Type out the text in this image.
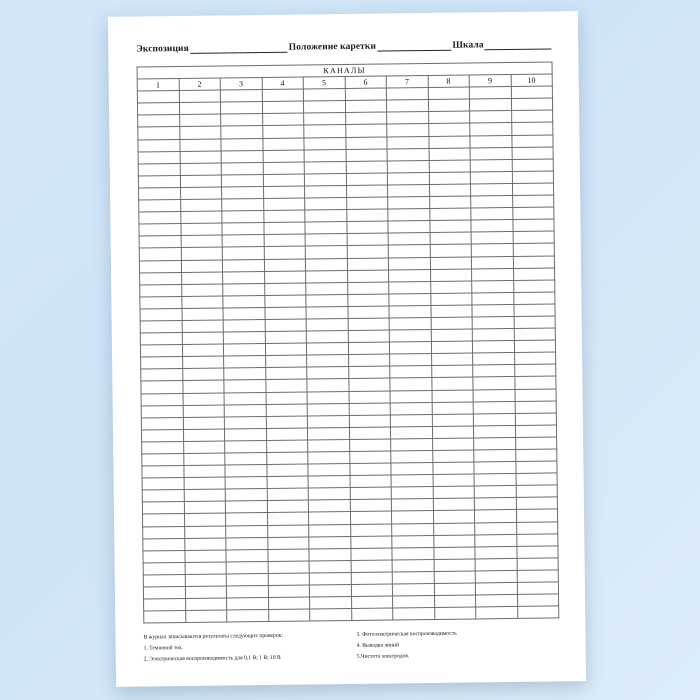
Экспозиция	Положение каретки	Шкала
КАНАЛЫ									
1	2	3	4	5	6	7	8	9	10

В журнал записываются результаты следующих проверок:
1. Темновой ток
2. Электрическая воспроизводимость для 0,1 В; 1 В; 10 В
3. Фотоэлектрическая воспроизводимость
4. Выводка линий
5.Чистота электродов.
